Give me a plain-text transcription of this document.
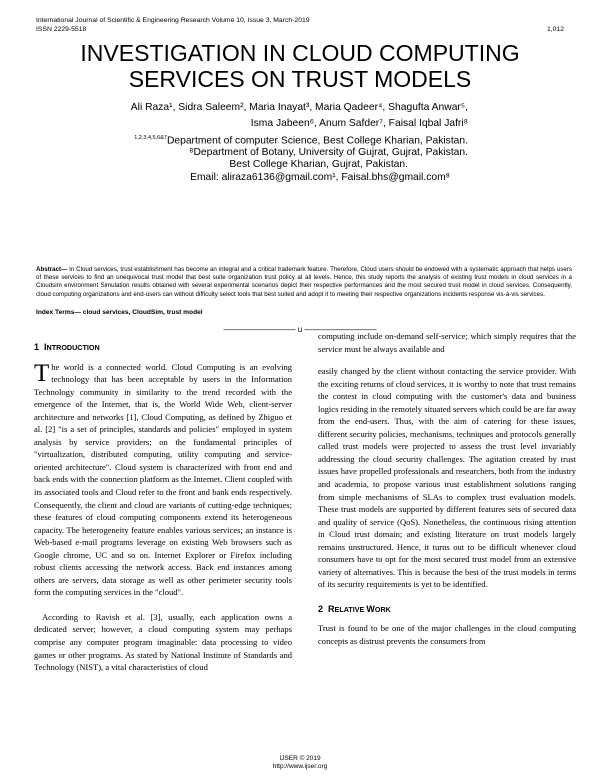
International Journal of Scientific & Engineering Research Volume 10, Issue 3, March-2019
ISSN 2229-5518	1,012
INVESTIGATION IN CLOUD COMPUTING
SERVICES ON TRUST MODELS
Ali Raza¹, Sidra Saleem², Maria Inayat³, Maria Qadeer⁴, Shagufta Anwar⁵,
Isma Jabeen⁶, Anum Safder⁷, Faisal Iqbal Jafri⁸
$^{1,2,3,4,5,6\&7}$Department of computer Science, Best College Kharian, Pakistan.
⁸Department of Botany, University of Gujrat, Gujrat, Pakistan.
Best College Kharian, Gujrat, Pakistan.
Email: aliraza6136@gmail.com¹, Faisal.bhs@gmail.com⁸
Abstract— In Cloud services, trust establishment has become an integral and a critical trademark feature. Therefore, Cloud users should be endowed with a systematic approach that helps users of these services to find an unequivocal trust model that best suite organization trust policy at all levels. Hence, this study reports the analysis of existing trust models in cloud services in a Cloudsim environment Simulation results obtained with several experimental scenarios depict their respective performances and the most secured trust model in cloud services. Consequently, cloud computing organizations and end-users can without difficulty select tools that best suited and adopt it to meeting their respective organizations incidents response vis-à-vis services.
Index Terms— cloud services, CloudSim, trust model
————————— u —————————
1 INTRODUCTION

The world is a connected world. Cloud Computing is an evolving technology that has been acceptable by users in the Information Technology community in similarity to the trend recorded with the emergence of the Internet, that is, the World Wide Web, client-server architecture and networks [1], Cloud Computing, as defined by Zhiguo et al. [2] "is a set of principles, standards and policies" employed in system analysis by service providers; on the fundamental principles of "virtualization, distributed computing, utility computing and service-oriented architecture". Cloud system is characterized with front end and back ends with the connection platform as the Internet. Client coupled with its associated tools and Cloud refer to the front and bank ends respectively. Consequently, the client and cloud are variants of cutting-edge techniques; these features of cloud computing components extend its heterogeneous capacity. The heterogeneity feature enables various services; an instance is Web-based e-mail programs leverage on existing Web browsers such as Google chrome, UC and so on. Internet Explorer or Firefox including robust clients accessing the network access. Back end instances among others are servers, data storage as well as other perimeter security tools form the computing services in the "cloud".

According to Ravish et al. [3], usually, each application owns a dedicated server; however, a cloud computing system may perhaps comprise any computer program imaginable: data processing to video games or other programs. As stated by National Institute of Standards and Technology (NIST), a vital characteristics of cloud

computing include on-demand self-service; which simply requires that the service must be always available and

easily changed by the client without contacting the service provider. With the exciting returns of cloud services, it is worthy to note that trust remains the contest in cloud computing with the customer's data and business logics residing in the remotely situated servers which could be are far away from the end-users. Thus, with the aim of catering for these issues, different security policies, mechanisms, techniques and protocols generally called trust models were projected to assess the trust level invariably addressing the cloud security challenges. The agitation created by trust issues have propelled professionals and researchers, both from the industry and academia, to propose various trust establishment solutions ranging from simple mechanisms of SLAs to complex trust evaluation models. These trust models are supported by different features sets of secured data and quality of service (QoS). Nonetheless, the continuous rising attention in Cloud trust domain; and existing literature on trust models largely remains unstructured. Hence, it turns out to be difficult whenever cloud consumers have to opt for the most secured trust model from an extensive variety of alternatives. This is because the best of the trust models in terms of its security requirements is yet to be identified.

2 RELATIVE WORK

Trust is found to be one of the major challenges in the cloud computing concepts as distrust prevents the consumers from

IJSER © 2019
http://www.ijser.org
